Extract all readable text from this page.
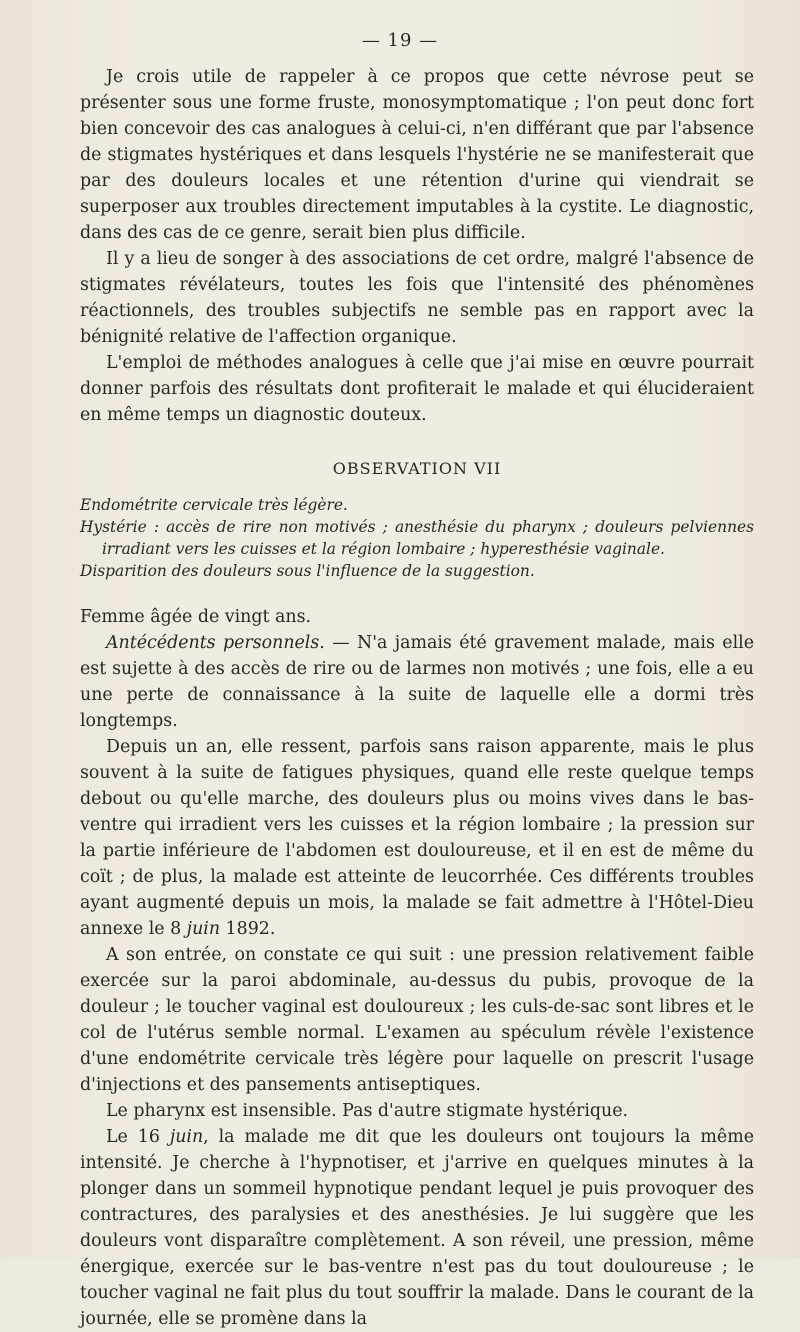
— 19 —

Je crois utile de rappeler à ce propos que cette névrose peut se présenter sous une forme fruste, monosymptomatique ; l'on peut donc fort bien concevoir des cas analogues à celui-ci, n'en différant que par l'absence de stigmates hystériques et dans lesquels l'hystérie ne se manifesterait que par des douleurs locales et une rétention d'urine qui viendrait se superposer aux troubles directement imputables à la cystite. Le diagnostic, dans des cas de ce genre, serait bien plus difficile.

Il y a lieu de songer à des associations de cet ordre, malgré l'absence de stigmates révélateurs, toutes les fois que l'intensité des phénomènes réactionnels, des troubles subjectifs ne semble pas en rapport avec la bénignité relative de l'affection organique.

L'emploi de méthodes analogues à celle que j'ai mise en œuvre pourrait donner parfois des résultats dont profiterait le malade et qui élucideraient en même temps un diagnostic douteux.

OBSERVATION VII
Endométrite cervicale très légère.
Hystérie : accès de rire non motivés ; anesthésie du pharynx ; douleurs pelviennes irradiant vers les cuisses et la région lombaire ; hyperesthésie vaginale.
Disparition des douleurs sous l'influence de la suggestion.

Femme âgée de vingt ans.

Antécédents personnels. — N'a jamais été gravement malade, mais elle est sujette à des accès de rire ou de larmes non motivés ; une fois, elle a eu une perte de connaissance à la suite de laquelle elle a dormi très longtemps.

Depuis un an, elle ressent, parfois sans raison apparente, mais le plus souvent à la suite de fatigues physiques, quand elle reste quelque temps debout ou qu'elle marche, des douleurs plus ou moins vives dans le bas-ventre qui irradient vers les cuisses et la région lombaire ; la pression sur la partie inférieure de l'abdomen est douloureuse, et il en est de même du coït ; de plus, la malade est atteinte de leucorrhée. Ces différents troubles ayant augmenté depuis un mois, la malade se fait admettre à l'Hôtel-Dieu annexe le 8 juin 1892.

A son entrée, on constate ce qui suit : une pression relativement faible exercée sur la paroi abdominale, au-dessus du pubis, provoque de la douleur ; le toucher vaginal est douloureux ; les culs-de-sac sont libres et le col de l'utérus semble normal. L'examen au spéculum révèle l'existence d'une endométrite cervicale très légère pour laquelle on prescrit l'usage d'injections et des pansements antiseptiques.

Le pharynx est insensible. Pas d'autre stigmate hystérique.

Le 16 juin, la malade me dit que les douleurs ont toujours la même intensité. Je cherche à l'hypnotiser, et j'arrive en quelques minutes à la plonger dans un sommeil hypnotique pendant lequel je puis provoquer des contractures, des paralysies et des anesthésies. Je lui suggère que les douleurs vont disparaître complètement. A son réveil, une pression, même énergique, exercée sur le bas-ventre n'est pas du tout douloureuse ; le toucher vaginal ne fait plus du tout souffrir la malade. Dans le courant de la journée, elle se promène dans la
